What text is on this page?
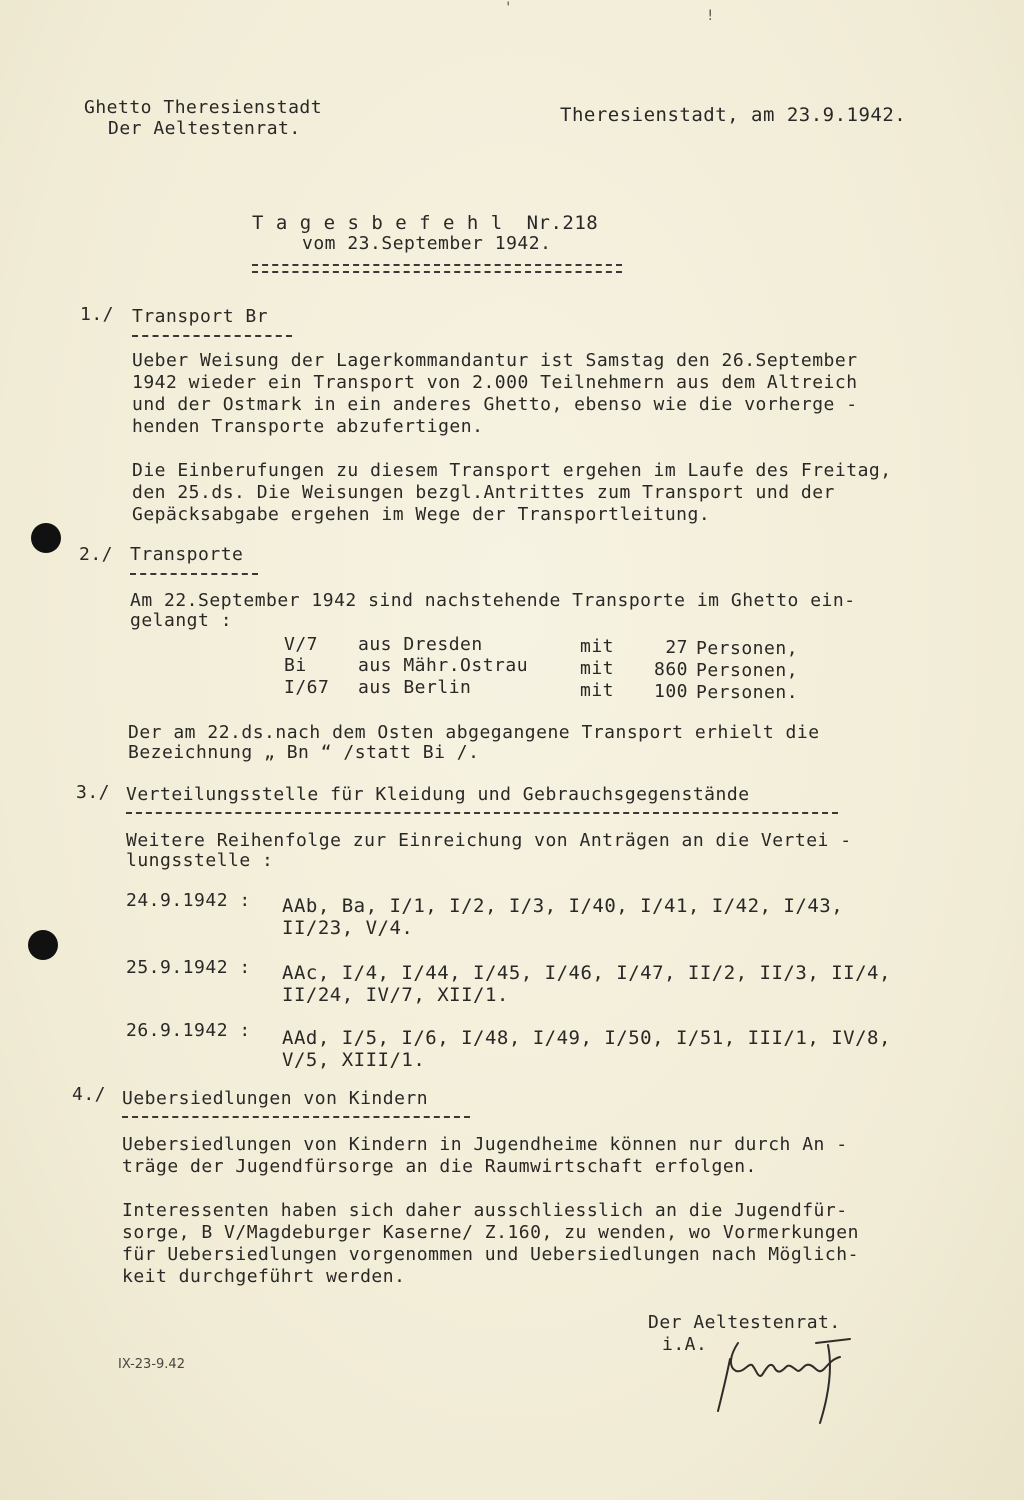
Ghetto Theresienstadt
Der Aeltestenrat.
Theresienstadt, am 23.9.1942.
T a g e s b e f e h l  Nr.218
vom 23.September 1942.
1./ Transport Br
Ueber Weisung der Lagerkommandantur ist Samstag den 26.September
1942 wieder ein Transport von 2.000 Teilnehmern aus dem Altreich
und der Ostmark in ein anderes Ghetto, ebenso wie die vorherge -
henden Transporte abzufertigen.
Die Einberufungen zu diesem Transport ergehen im Laufe des Freitag,
den 25.ds. Die Weisungen bezgl.Antrittes zum Transport und der
Gepäcksabgabe ergehen im Wege der Transportleitung.
2./ Transporte
Am 22.September 1942 sind nachstehende Transporte im Ghetto ein-
gelangt :
V/7 aus Dresden	mit	27 Personen,
Bi	aus Mähr.Ostrau	mit	860 Personen,
I/67 aus Berlin	mit	100 Personen.
Der am 22.ds.nach dem Osten abgegangene Transport erhielt die
Bezeichnung „ Bn “ /statt Bi /.
3./ Verteilungsstelle für Kleidung und Gebrauchsgegenstände
Weitere Reihenfolge zur Einreichung von Anträgen an die Vertei -
lungsstelle :
24.9.1942 : AAb, Ba, I/1, I/2, I/3, I/40, I/41, I/42, I/43,
II/23, V/4.
25.9.1942 : AAc, I/4, I/44, I/45, I/46, I/47, II/2, II/3, II/4,
II/24, IV/7, XII/1.
26.9.1942 : AAd, I/5, I/6, I/48, I/49, I/50, I/51, III/1, IV/8,
V/5, XIII/1.
4./ Uebersiedlungen von Kindern
Uebersiedlungen von Kindern in Jugendheime können nur durch An -
träge der Jugendfürsorge an die Raumwirtschaft erfolgen.
Interessenten haben sich daher ausschliesslich an die Jugendfür-
sorge, B V/Magdeburger Kaserne/ Z.160, zu wenden, wo Vormerkungen
für Uebersiedlungen vorgenommen und Uebersiedlungen nach Möglich-
keit durchgeführt werden.
Der Aeltestenrat.
i.A.
IX-23-9.42
'	!
